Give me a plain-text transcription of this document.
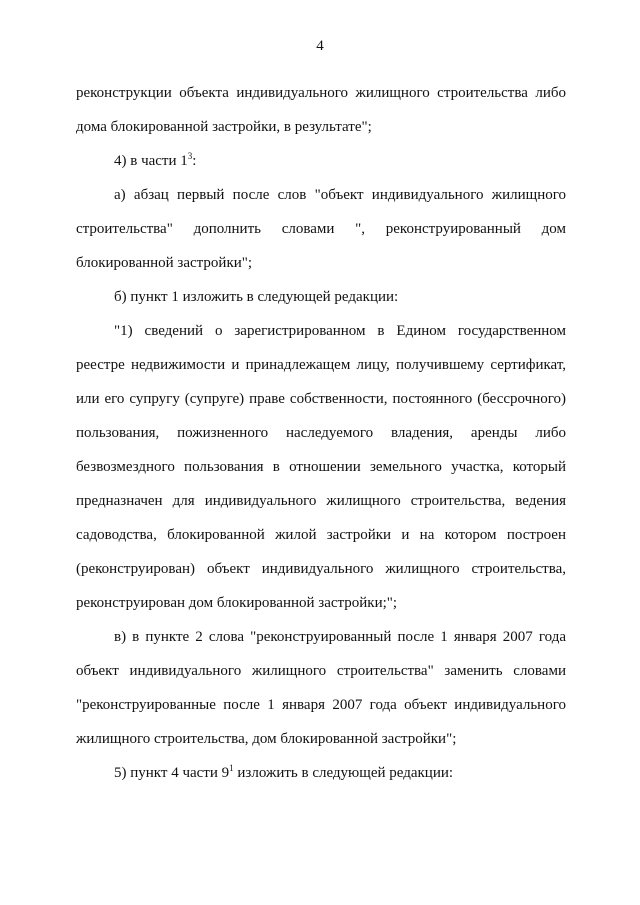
4

реконструкции объекта индивидуального жилищного строительства либо дома блокированной застройки, в результате";

4) в части $1^3$:

а) абзац первый после слов "объект индивидуального жилищного строительства" дополнить словами ", реконструированный дом блокированной застройки";

б) пункт 1 изложить в следующей редакции:

"1) сведений о зарегистрированном в Едином государственном реестре недвижимости и принадлежащем лицу, получившему сертификат, или его супругу (супруге) праве собственности, постоянного (бессрочного) пользования, пожизненного наследуемого владения, аренды либо безвозмездного пользования в отношении земельного участка, который предназначен для индивидуального жилищного строительства, ведения садоводства, блокированной жилой застройки и на котором построен (реконструирован) объект индивидуального жилищного строительства, реконструирован дом блокированной застройки;";

в) в пункте 2 слова "реконструированный после 1 января 2007 года объект индивидуального жилищного строительства" заменить словами "реконструированные после 1 января 2007 года объект индивидуального жилищного строительства, дом блокированной застройки";

5) пункт 4 части $9^1$ изложить в следующей редакции:
